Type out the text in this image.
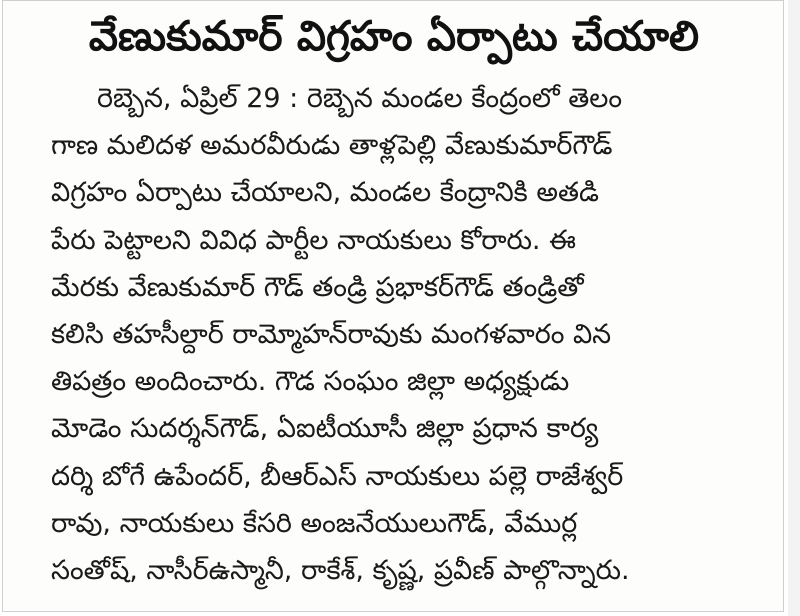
వేణుకుమార్ విగ్రహం ఏర్పాటు చేయాలి
రెబ్బెన, ఏప్రిల్ 29 : రెబ్బెన మండల కేంద్రంలో తెలం
గాణ మలిదళ అమరవీరుడు తాళ్లపెల్లి వేణుకుమార్‌గౌడ్
విగ్రహం ఏర్పాటు చేయాలని, మండల కేంద్రానికి అతడి
పేరు పెట్టాలని వివిధ పార్టీల నాయకులు కోరారు. ఈ
మేరకు వేణుకుమార్ గౌడ్ తండ్రి ప్రభాకర్‌గౌడ్ తండ్రితో
కలిసి తహసీల్దార్ రామ్మోహన్‌రావుకు మంగళవారం విన
తిపత్రం అందించారు. గౌడ సంఘం జిల్లా అధ్యక్షుడు
మోడెం సుదర్శన్‌గౌడ్, ఏఐటీయూసీ జిల్లా ప్రధాన కార్య
దర్శి బోగే ఉపేందర్, బీఆర్ఎస్ నాయకులు పల్లె రాజేశ్వర్
రావు, నాయకులు కేసరి అంజనేయులుగౌడ్, వేముర్ల
సంతోష్, నాసీర్‌ఉస్మానీ, రాకేశ్, కృష్ణ, ప్రవీణ్ పాల్గొన్నారు.
